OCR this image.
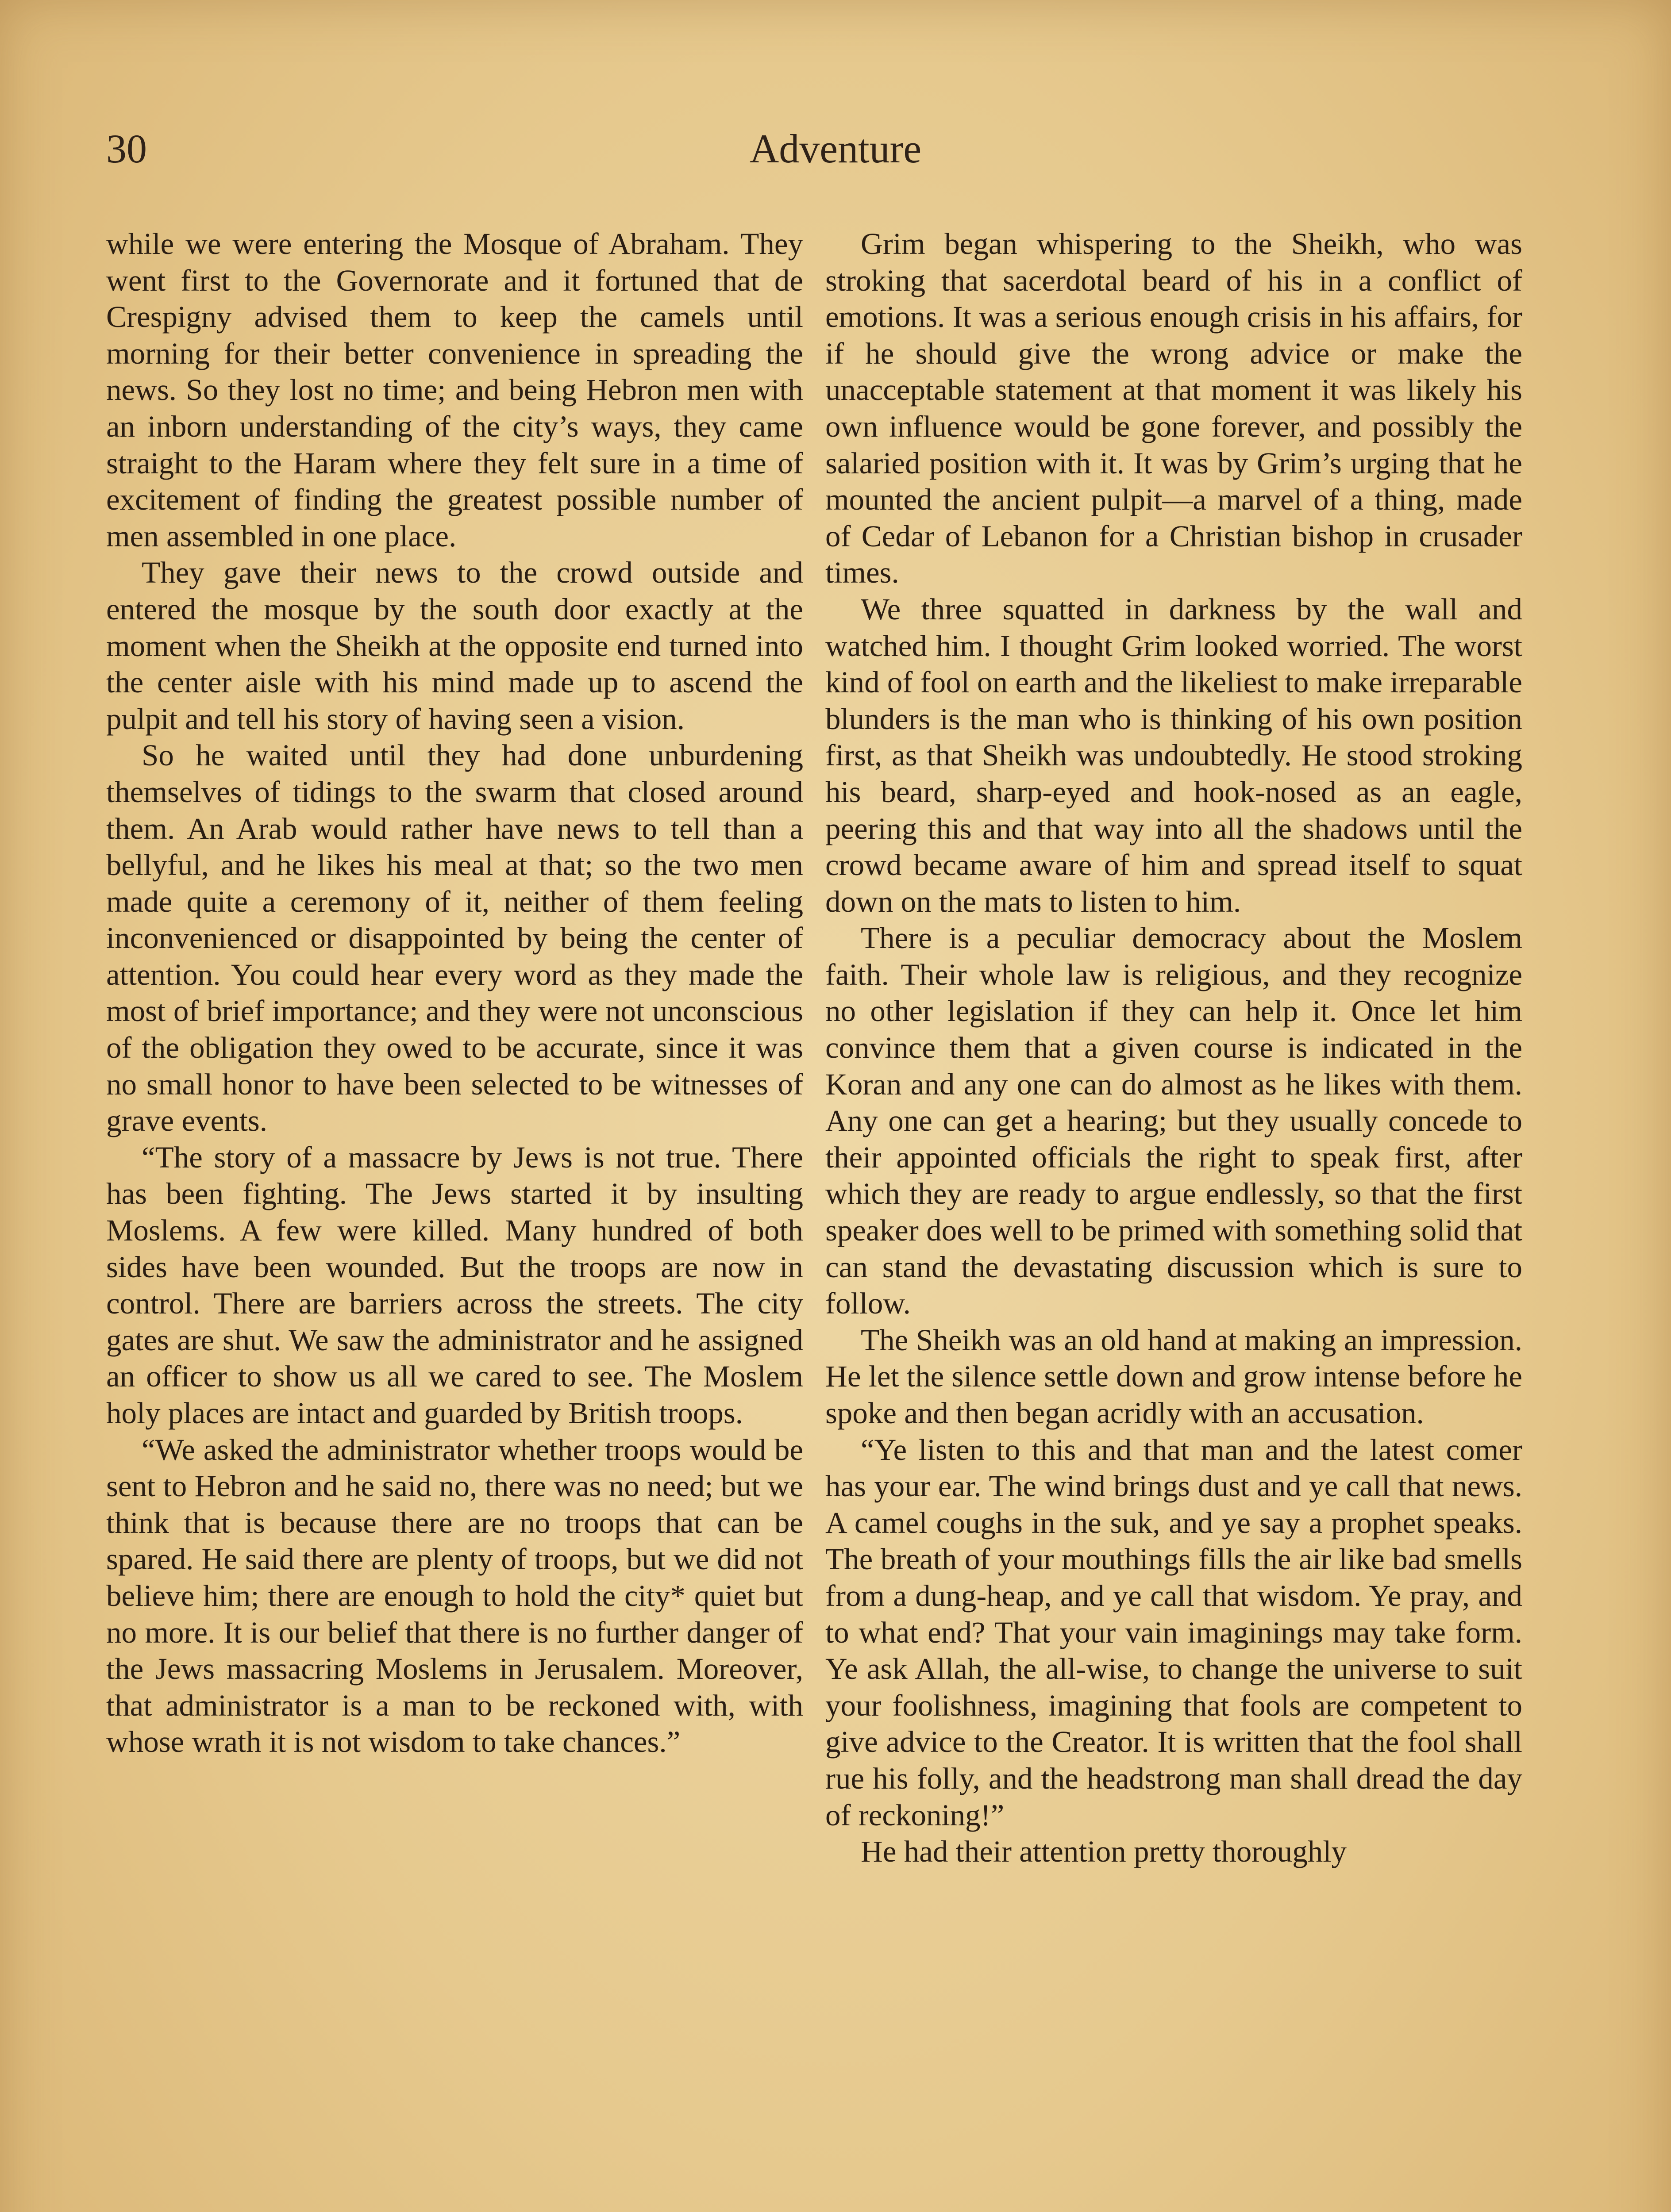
30	Adventure

while we were entering the Mosque of Abraham. They went first to the Governorate and it fortuned that de Crespigny advised them to keep the camels until morning for their better convenience in spreading the news. So they lost no time; and being Hebron men with an inborn understanding of the city’s ways, they came straight to the Haram where they felt sure in a time of excitement of finding the greatest possible number of men assembled in one place.

They gave their news to the crowd outside and entered the mosque by the south door exactly at the moment when the Sheikh at the opposite end turned into the center aisle with his mind made up to ascend the pulpit and tell his story of having seen a vision.

So he waited until they had done unburdening themselves of tidings to the swarm that closed around them. An Arab would rather have news to tell than a bellyful, and he likes his meal at that; so the two men made quite a ceremony of it, neither of them feeling inconvenienced or disappointed by being the center of attention. You could hear every word as they made the most of brief importance; and they were not unconscious of the obligation they owed to be accurate, since it was no small honor to have been selected to be witnesses of grave events.

“The story of a massacre by Jews is not true. There has been fighting. The Jews started it by insulting Moslems. A few were killed. Many hundred of both sides have been wounded. But the troops are now in control. There are barriers across the streets. The city gates are shut. We saw the administrator and he assigned an officer to show us all we cared to see. The Moslem holy places are intact and guarded by British troops.

“We asked the administrator whether troops would be sent to Hebron and he said no, there was no need; but we think that is because there are no troops that can be spared. He said there are plenty of troops, but we did not believe him; there are enough to hold the city* quiet but no more. It is our belief that there is no further danger of the Jews massacring Moslems in Jerusalem. Moreover, that administrator is a man to be reckoned with, with whose wrath it is not wisdom to take chances.”

Grim began whispering to the Sheikh, who was stroking that sacerdotal beard of his in a conflict of emotions. It was a serious enough crisis in his affairs, for if he should give the wrong advice or make the unacceptable statement at that moment it was likely his own influence would be gone forever, and possibly the salaried position with it. It was by Grim’s urging that he mounted the ancient pulpit—a marvel of a thing, made of Cedar of Lebanon for a Christian bishop in crusader times.

We three squatted in darkness by the wall and watched him. I thought Grim looked worried. The worst kind of fool on earth and the likeliest to make irreparable blunders is the man who is thinking of his own position first, as that Sheikh was undoubtedly. He stood stroking his beard, sharp-eyed and hook-nosed as an eagle, peering this and that way into all the shadows until the crowd became aware of him and spread itself to squat down on the mats to listen to him.

There is a peculiar democracy about the Moslem faith. Their whole law is religious, and they recognize no other legislation if they can help it. Once let him convince them that a given course is indicated in the Koran and any one can do almost as he likes with them. Any one can get a hearing; but they usually concede to their appointed officials the right to speak first, after which they are ready to argue endlessly, so that the first speaker does well to be primed with something solid that can stand the devastating discussion which is sure to follow.

The Sheikh was an old hand at making an impression. He let the silence settle down and grow intense before he spoke and then began acridly with an accusation.

“Ye listen to this and that man and the latest comer has your ear. The wind brings dust and ye call that news. A camel coughs in the suk, and ye say a prophet speaks. The breath of your mouthings fills the air like bad smells from a dung-heap, and ye call that wisdom. Ye pray, and to what end? That your vain imaginings may take form. Ye ask Allah, the all-wise, to change the universe to suit your foolishness, imagining that fools are competent to give advice to the Creator. It is written that the fool shall rue his folly, and the headstrong man shall dread the day of reckoning!”

He had their attention pretty thoroughly
